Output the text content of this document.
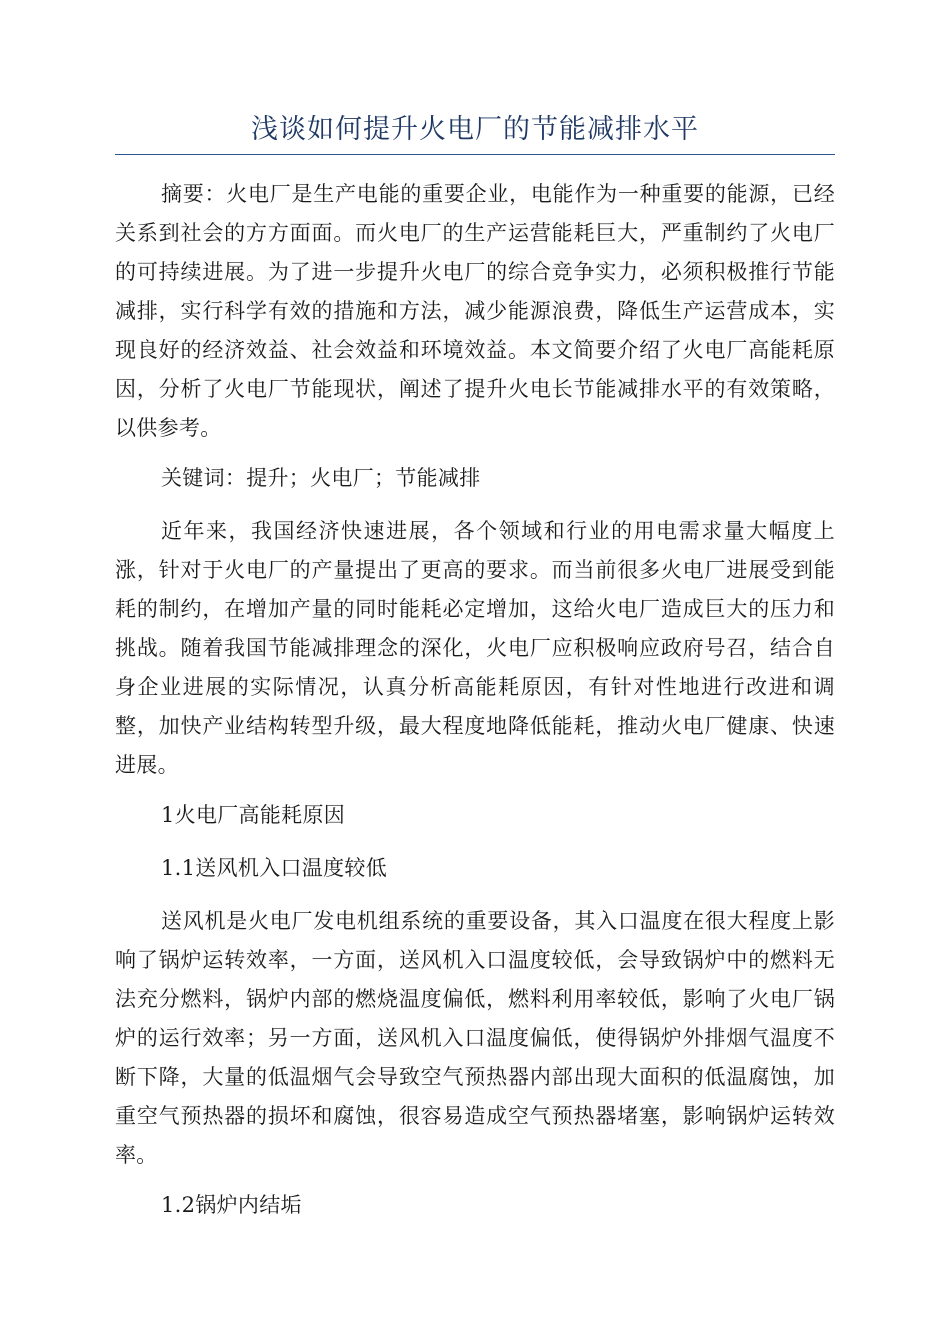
浅谈如何提升火电厂的节能减排水平

摘要：火电厂是生产电能的重要企业，电能作为一种重要的能源，已经关系到社会的方方面面。而火电厂的生产运营能耗巨大，严重制约了火电厂的可持续进展。为了进一步提升火电厂的综合竞争实力，必须积极推行节能减排，实行科学有效的措施和方法，减少能源浪费，降低生产运营成本，实现良好的经济效益、社会效益和环境效益。本文简要介绍了火电厂高能耗原因，分析了火电厂节能现状，阐述了提升火电长节能减排水平的有效策略，以供参考。

关键词：提升；火电厂；节能减排

近年来，我国经济快速进展，各个领域和行业的用电需求量大幅度上涨，针对于火电厂的产量提出了更高的要求。而当前很多火电厂进展受到能耗的制约，在增加产量的同时能耗必定增加，这给火电厂造成巨大的压力和挑战。随着我国节能减排理念的深化，火电厂应积极响应政府号召，结合自身企业进展的实际情况，认真分析高能耗原因，有针对性地进行改进和调整，加快产业结构转型升级，最大程度地降低能耗，推动火电厂健康、快速进展。

1火电厂高能耗原因

1.1送风机入口温度较低

送风机是火电厂发电机组系统的重要设备，其入口温度在很大程度上影响了锅炉运转效率，一方面，送风机入口温度较低，会导致锅炉中的燃料无法充分燃料，锅炉内部的燃烧温度偏低，燃料利用率较低，影响了火电厂锅炉的运行效率；另一方面，送风机入口温度偏低，使得锅炉外排烟气温度不断下降，大量的低温烟气会导致空气预热器内部出现大面积的低温腐蚀，加重空气预热器的损坏和腐蚀，很容易造成空气预热器堵塞，影响锅炉运转效率。

1.2锅炉内结垢
